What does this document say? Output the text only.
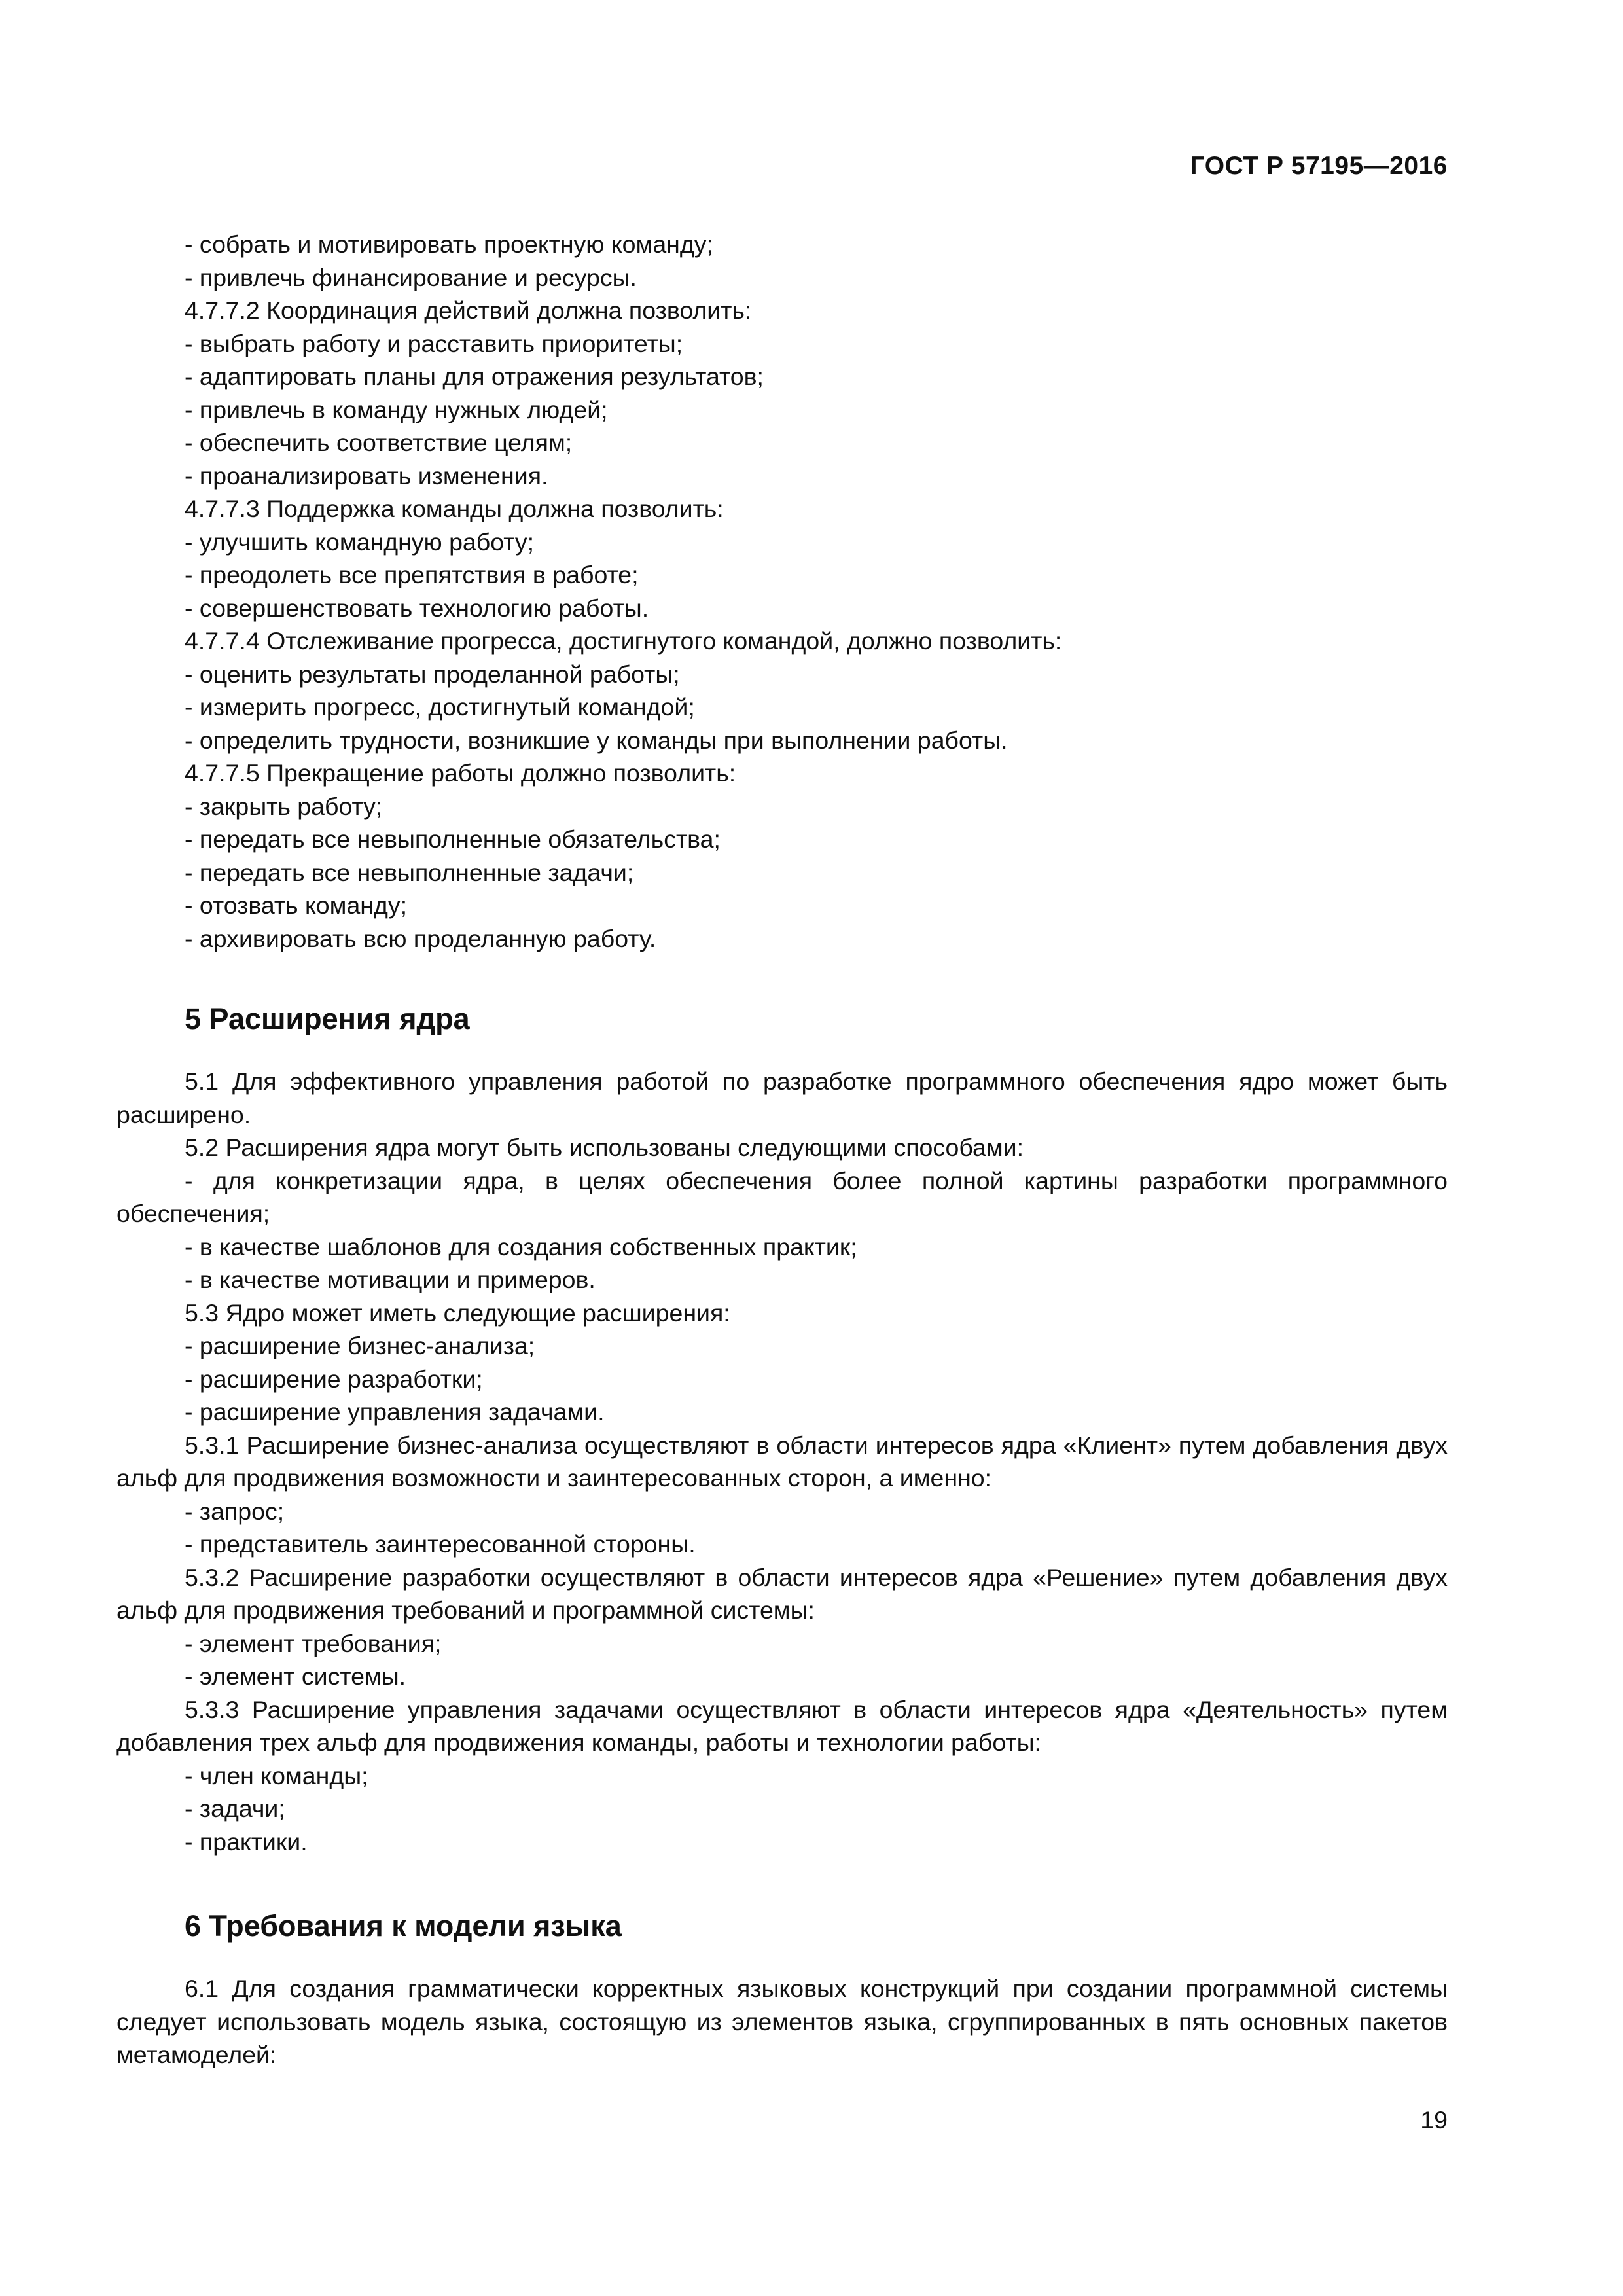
ГОСТ Р 57195—2016
- собрать и мотивировать проектную команду;
- привлечь финансирование и ресурсы.
4.7.7.2 Координация действий должна позволить:
- выбрать работу и расставить приоритеты;
- адаптировать планы для отражения результатов;
- привлечь в команду нужных людей;
- обеспечить соответствие целям;
- проанализировать изменения.
4.7.7.3 Поддержка команды должна позволить:
- улучшить командную работу;
- преодолеть все препятствия в работе;
- совершенствовать технологию работы.
4.7.7.4 Отслеживание прогресса, достигнутого командой, должно позволить:
- оценить результаты проделанной работы;
- измерить прогресс, достигнутый командой;
- определить трудности, возникшие у команды при выполнении работы.
4.7.7.5 Прекращение работы должно позволить:
- закрыть работу;
- передать все невыполненные обязательства;
- передать все невыполненные задачи;
- отозвать команду;
- архивировать всю проделанную работу.
5 Расширения ядра
5.1 Для эффективного управления работой по разработке программного обеспечения ядро может быть расширено.
5.2 Расширения ядра могут быть использованы следующими способами:
- для конкретизации ядра, в целях обеспечения более полной картины разработки программного обеспечения;
- в качестве шаблонов для создания собственных практик;
- в качестве мотивации и примеров.
5.3 Ядро может иметь следующие расширения:
- расширение бизнес-анализа;
- расширение разработки;
- расширение управления задачами.
5.3.1 Расширение бизнес-анализа осуществляют в области интересов ядра «Клиент» путем добавления двух альф для продвижения возможности и заинтересованных сторон, а именно:
- запрос;
- представитель заинтересованной стороны.
5.3.2 Расширение разработки осуществляют в области интересов ядра «Решение» путем добавления двух альф для продвижения требований и программной системы:
- элемент требования;
- элемент системы.
5.3.3 Расширение управления задачами осуществляют в области интересов ядра «Деятельность» путем добавления трех альф для продвижения команды, работы и технологии работы:
- член команды;
- задачи;
- практики.
6 Требования к модели языка
6.1 Для создания грамматически корректных языковых конструкций при создании программной системы следует использовать модель языка, состоящую из элементов языка, сгруппированных в пять основных пакетов метамоделей:
19
